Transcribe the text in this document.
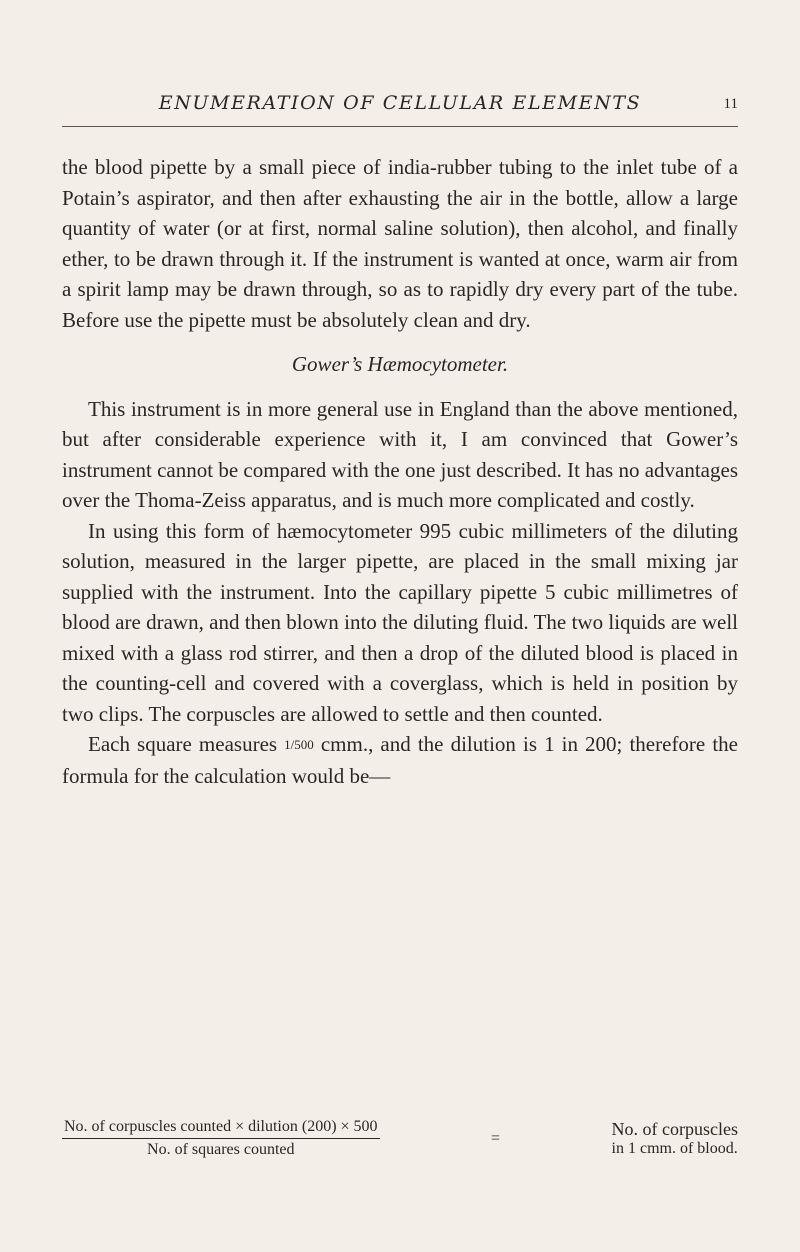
ENUMERATION OF CELLULAR ELEMENTS	11

the blood pipette by a small piece of india-rubber tubing to the inlet tube of a Potain’s aspirator, and then after exhausting the air in the bottle, allow a large quantity of water (or at first, normal saline solution), then alcohol, and finally ether, to be drawn through it. If the instrument is wanted at once, warm air from a spirit lamp may be drawn through, so as to rapidly dry every part of the tube. Before use the pipette must be absolutely clean and dry.

Gower’s Hæmocytometer.

This instrument is in more general use in England than the above mentioned, but after considerable experience with it, I am convinced that Gower’s instrument cannot be compared with the one just described. It has no advantages over the Thoma-Zeiss apparatus, and is much more complicated and costly.

In using this form of hæmocytometer 995 cubic millimeters of the diluting solution, measured in the larger pipette, are placed in the small mixing jar supplied with the instrument. Into the capillary pipette 5 cubic millimetres of blood are drawn, and then blown into the diluting fluid. The two liquids are well mixed with a glass rod stirrer, and then a drop of the diluted blood is placed in the counting-cell and covered with a coverglass, which is held in position by two clips. The corpuscles are allowed to settle and then counted.

Each square measures 1/500 cmm., and the dilution is 1 in 200; therefore the formula for the calculation would be—

$\frac{\text{No. of corpuscles counted × dilution (200) × 500}}{\text{No. of squares counted}}$	=	No. of corpuscles
in 1 cmm. of blood.
